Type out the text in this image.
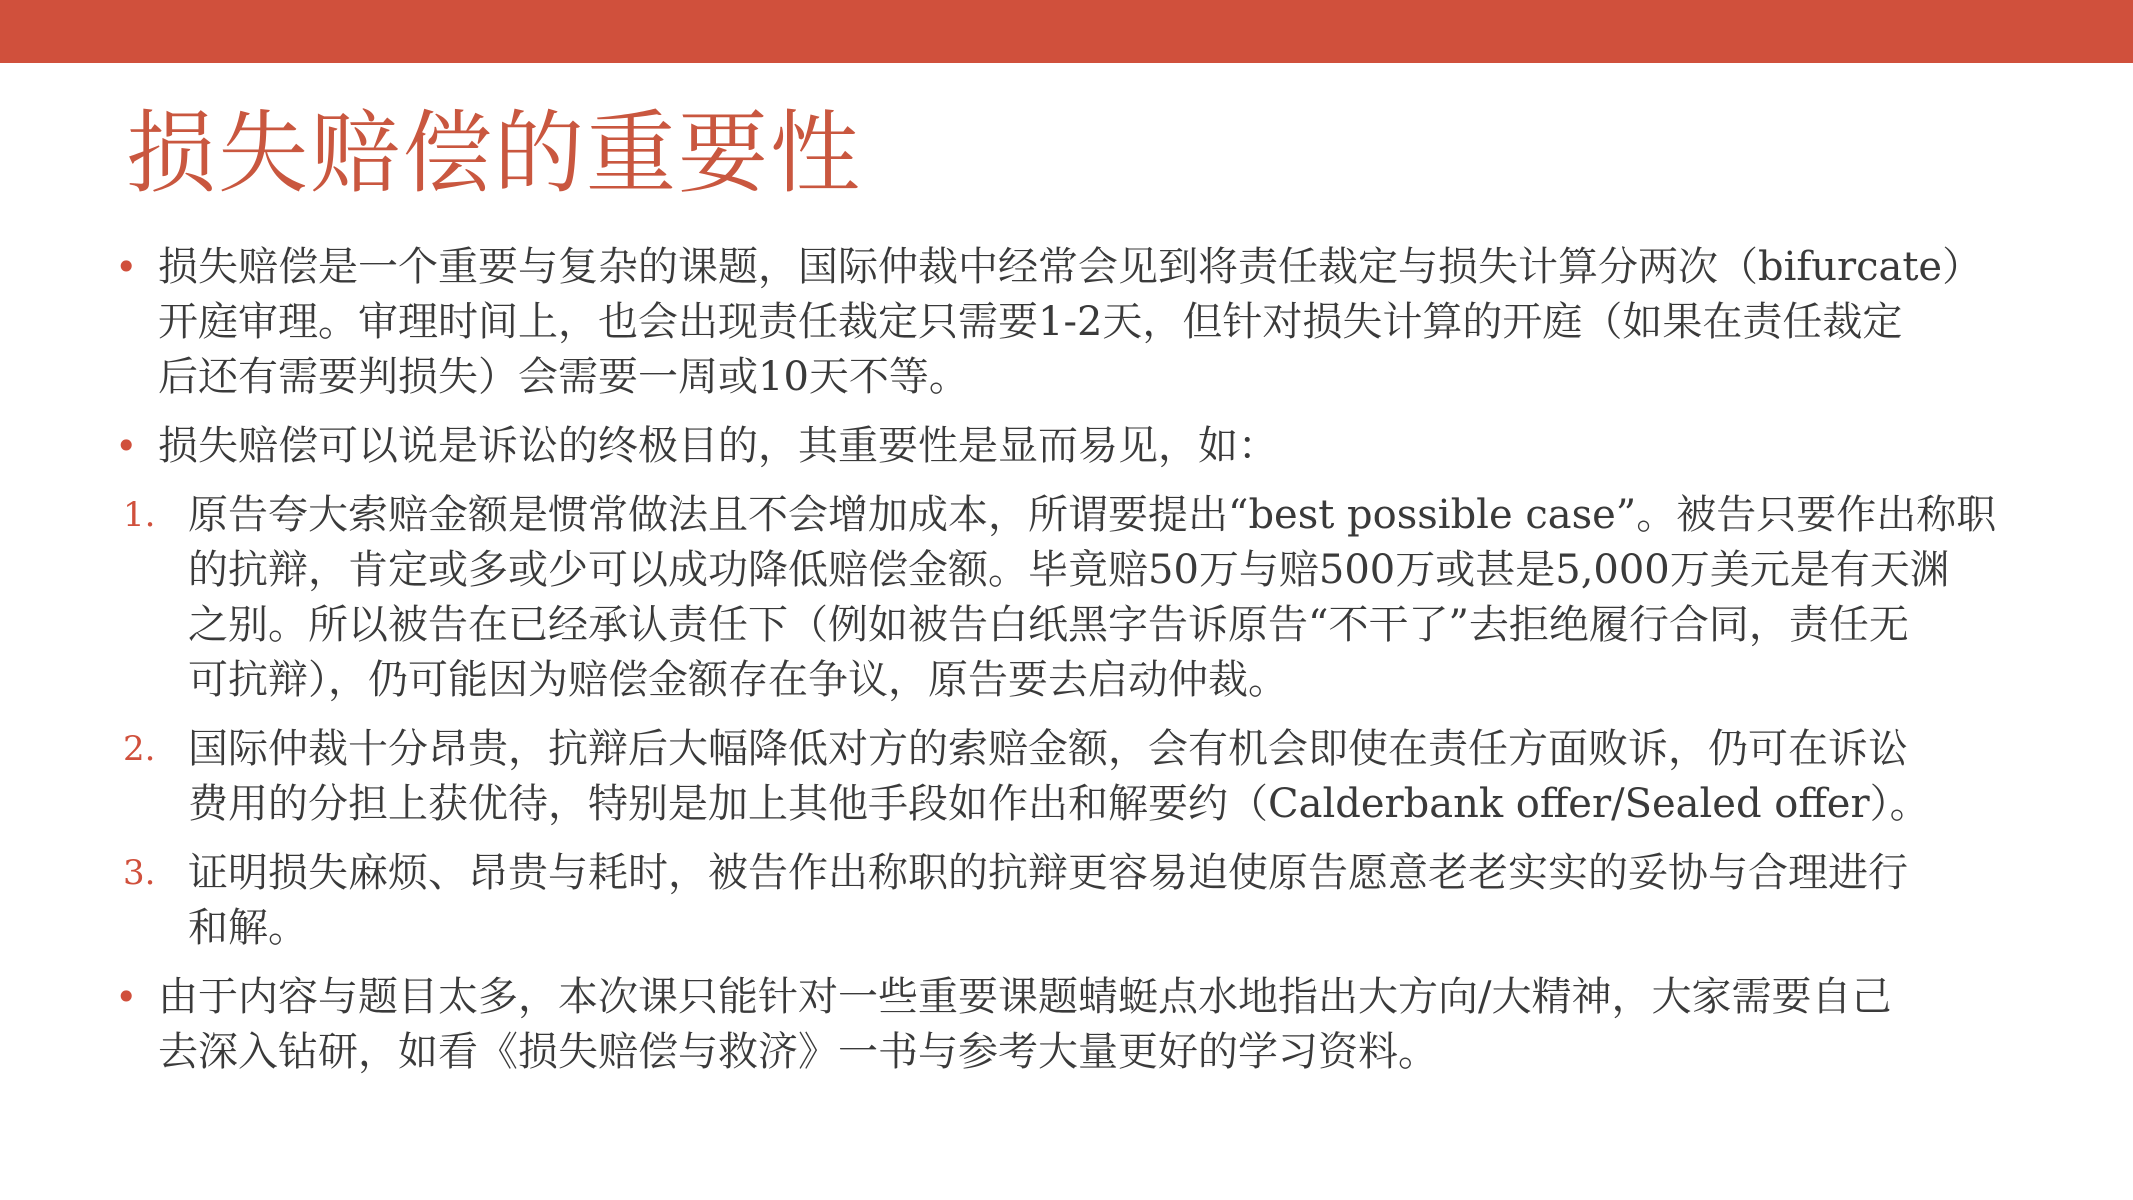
损失赔偿的重要性
• 损失赔偿是一个重要与复杂的课题，国际仲裁中经常会见到将责任裁定与损失计算分两次（bifurcate）
开庭审理。审理时间上，也会出现责任裁定只需要1-2天，但针对损失计算的开庭（如果在责任裁定
后还有需要判损失）会需要一周或10天不等。
• 损失赔偿可以说是诉讼的终极目的，其重要性是显而易见，如：
1. 原告夸大索赔金额是惯常做法且不会增加成本，所谓要提出“best possible case”。被告只要作出称职
的抗辩，肯定或多或少可以成功降低赔偿金额。毕竟赔50万与赔500万或甚是5,000万美元是有天渊
之别。所以被告在已经承认责任下（例如被告白纸黑字告诉原告“不干了”去拒绝履行合同，责任无
可抗辩），仍可能因为赔偿金额存在争议，原告要去启动仲裁。
2. 国际仲裁十分昂贵，抗辩后大幅降低对方的索赔金额，会有机会即使在责任方面败诉，仍可在诉讼
费用的分担上获优待，特别是加上其他手段如作出和解要约（Calderbank offer/Sealed offer）。
3. 证明损失麻烦、昂贵与耗时，被告作出称职的抗辩更容易迫使原告愿意老老实实的妥协与合理进行
和解。
• 由于内容与题目太多，本次课只能针对一些重要课题蜻蜓点水地指出大方向/大精神，大家需要自己
去深入钻研，如看《损失赔偿与救济》一书与参考大量更好的学习资料。
